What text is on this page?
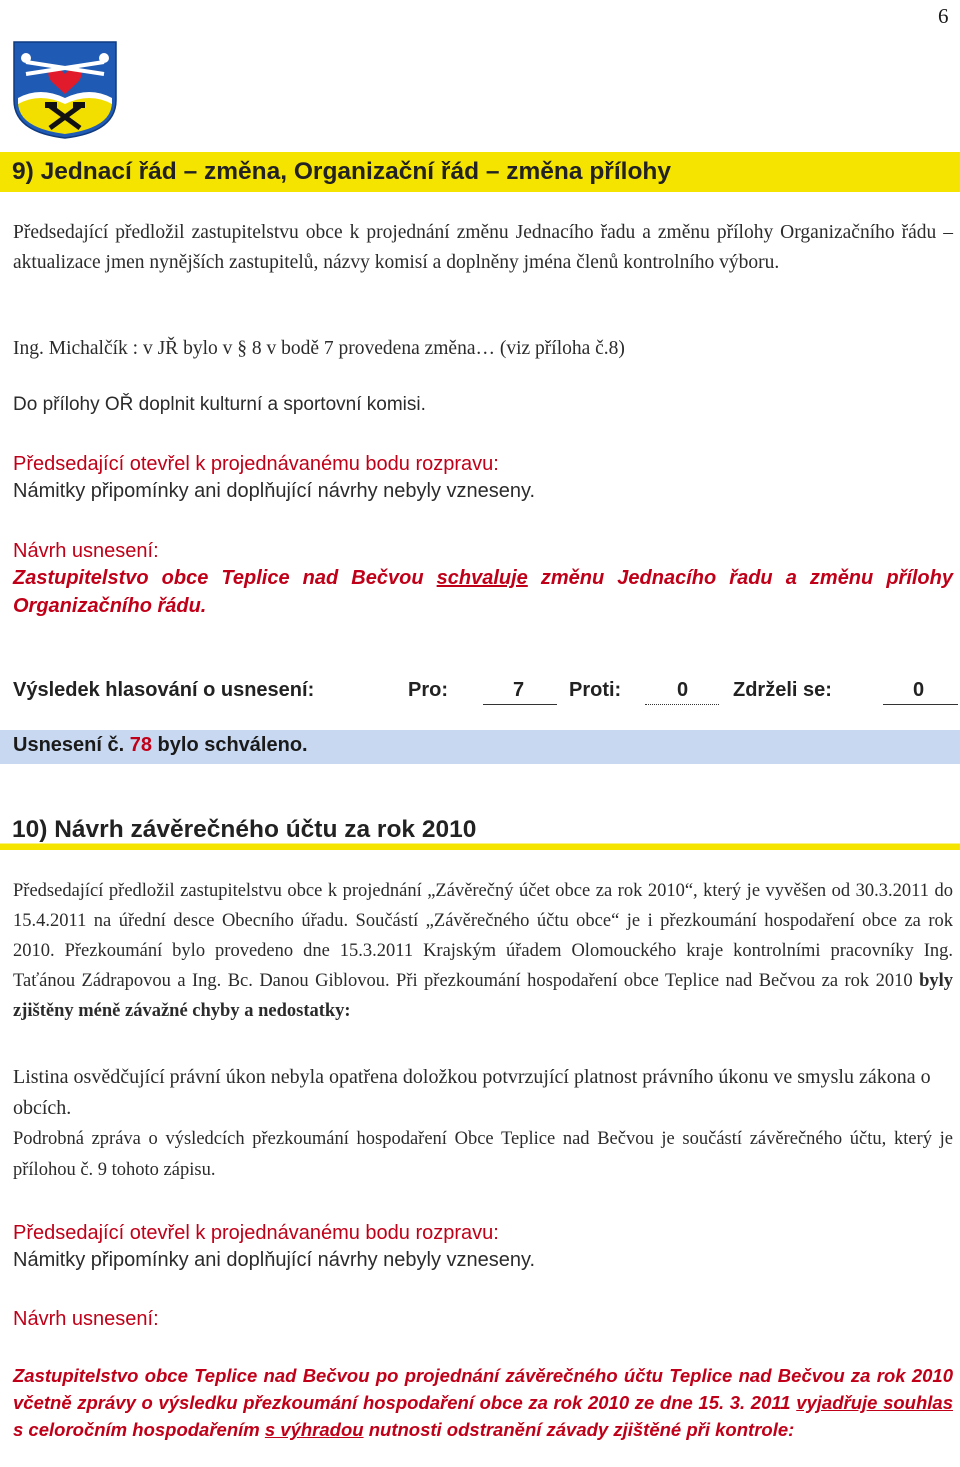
6
9) Jednací řád – změna, Organizační řád – změna přílohy
Předsedající předložil zastupitelstvu obce k projednání změnu Jednacího řadu a změnu přílohy Organizačního řádu – aktualizace jmen nynějších zastupitelů, názvy komisí a doplněny jména členů kontrolního výboru.
Ing. Michalčík : v JŘ bylo v § 8 v bodě 7 provedena změna… (viz příloha č.8)
Do přílohy OŘ doplnit kulturní a sportovní komisi.
Předsedající otevřel k projednávanému bodu rozpravu:
Námitky připomínky ani doplňující návrhy nebyly vzneseny.
Návrh usnesení:
Zastupitelstvo obce Teplice nad Bečvou schvaluje změnu Jednacího řadu a změnu přílohy Organizačního řádu.
Výsledek hlasování o usnesení:	Pro:	7 Proti:	0 Zdrželi se:	0
Usnesení č. 78 bylo schváleno.
10) Návrh závěrečného účtu za rok 2010
Předsedající předložil zastupitelstvu obce k projednání „Závěrečný účet obce za rok 2010“, který je vyvěšen od 30.3.2011 do 15.4.2011 na úřední desce Obecního úřadu. Součástí „Závěrečného účtu obce“ je i přezkoumání hospodaření obce za rok 2010. Přezkoumání bylo provedeno dne 15.3.2011 Krajským úřadem Olomouckého kraje kontrolními pracovníky Ing. Taťánou Zádrapovou a Ing. Bc. Danou Giblovou. Při přezkoumání hospodaření obce Teplice nad Bečvou za rok 2010 byly zjištěny méně závažné chyby a nedostatky:
Listina osvědčující právní úkon nebyla opatřena doložkou potvrzující platnost právního úkonu ve smyslu zákona o obcích.
Podrobná zpráva o výsledcích přezkoumání hospodaření Obce Teplice nad Bečvou je součástí závěrečného účtu, který je přílohou č. 9 tohoto zápisu.
Předsedající otevřel k projednávanému bodu rozpravu:
Námitky připomínky ani doplňující návrhy nebyly vzneseny.
Návrh usnesení:
Zastupitelstvo obce Teplice nad Bečvou po projednání závěrečného účtu Teplice nad Bečvou za rok 2010 včetně zprávy o výsledku přezkoumání hospodaření obce za rok 2010 ze dne 15. 3. 2011 vyjadřuje souhlas s celoročním hospodařením s výhradou nutnosti odstranění závady zjištěné při kontrole:
